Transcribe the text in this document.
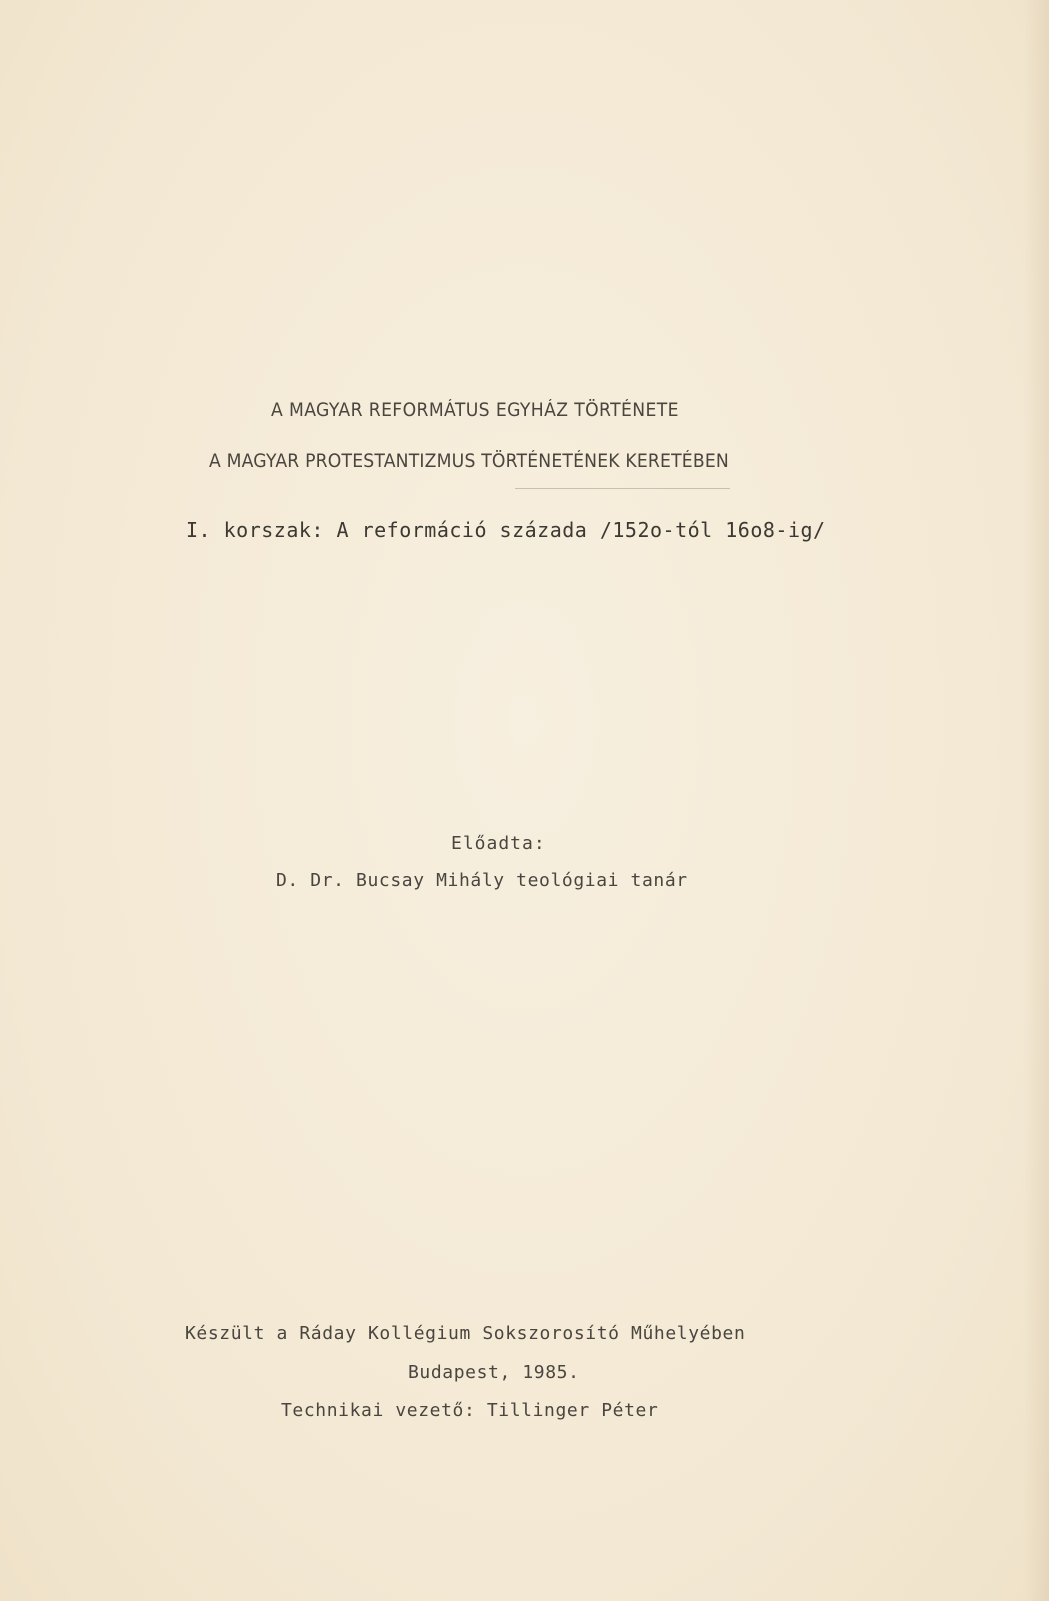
A MAGYAR REFORMÁTUS EGYHÁZ TÖRTÉNETE
A MAGYAR PROTESTANTIZMUS TÖRTÉNETÉNEK KERETÉBEN
I. korszak: A reformáció százada /152o-tól 16o8-ig/
Előadta:
D. Dr. Bucsay Mihály teológiai tanár
Készült a Ráday Kollégium Sokszorosító Műhelyében
Budapest, 1985.
Technikai vezető: Tillinger Péter
